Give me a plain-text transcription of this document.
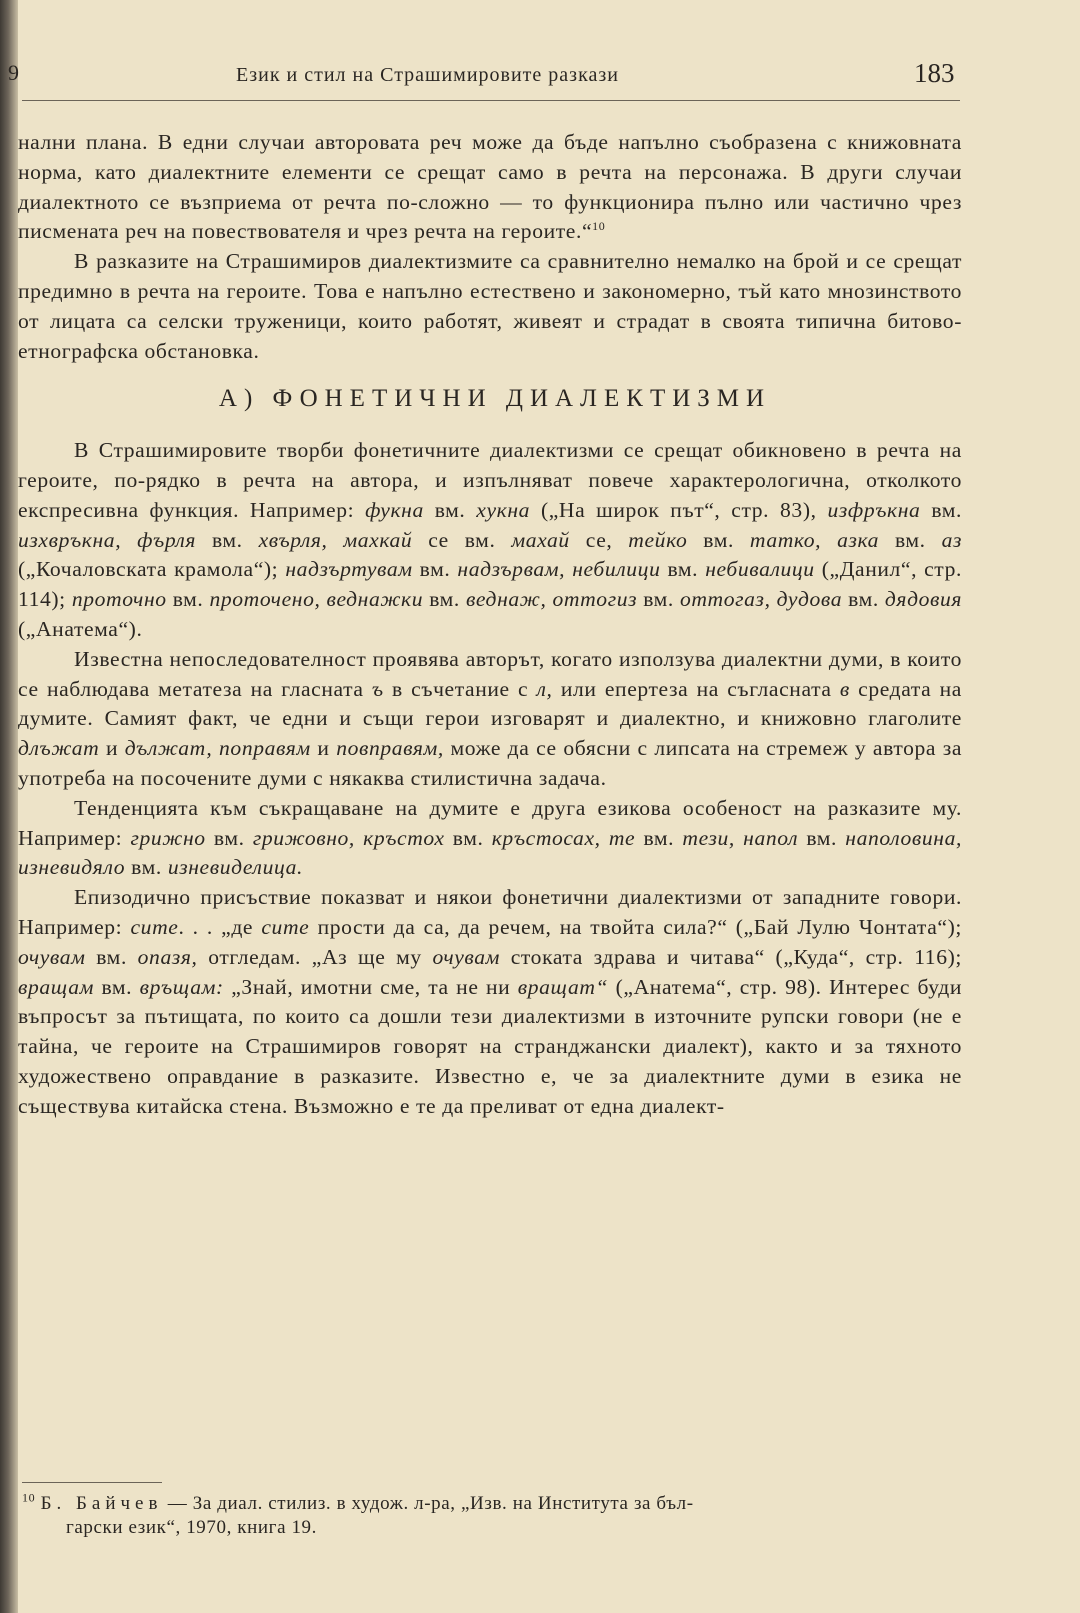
9	Език и стил на Страшимировите разкази	183

нални плана. В едни случаи авторовата реч може да бъде напълно съобразена с книжовната норма, като диалектните елементи се срещат само в речта на персонажа. В други случаи диалектното се възприема от речта по-сложно — то функционира пълно или частично чрез писмената реч на повествователя и чрез речта на героите.“$^{10}$

В разказите на Страшимиров диалектизмите са сравнително немалко на брой и се срещат предимно в речта на героите. Това е напълно естествено и закономерно, тъй като мнозинството от лицата са селски труженици, които работят, живеят и страдат в своята типична битово-етнографска обстановка.

А) ФОНЕТИЧНИ ДИАЛЕКТИЗМИ

В Страшимировите творби фонетичните диалектизми се срещат обикновено в речта на героите, по-рядко в речта на автора, и изпълняват повече характерологична, отколкото експресивна функция. Например: фукна вм. хукна („На широк път“, стр. 83), изфръкна вм. изхвръкна, фърля вм. хвърля, махкай се вм. махай се, тейко вм. татко, азка вм. аз („Кочаловската крамола“); надзъртувам вм. надзървам, небилици вм. небивалици („Данил“, стр. 114); проточно вм. проточено, веднажки вм. веднаж, оттогиз вм. оттогаз, дудова вм. дядовия („Анатема“).

Известна непоследователност проявява авторът, когато използува диалектни думи, в които се наблюдава метатеза на гласната ъ в съчетание с л, или епертеза на съгласната в средата на думите. Самият факт, че едни и същи герои изговарят и диалектно, и книжовно глаголите длъжат и дължат, поправям и повправям, може да се обясни с липсата на стремеж у автора за употреба на посочените думи с някаква стилистична задача.

Тенденцията към съкращаване на думите е друга езикова особеност на разказите му. Например: грижно вм. грижовно, кръстох вм. кръстосах, те вм. тези, напол вм. наполовина, изневидяло вм. изневиделица.

Епизодично присъствие показват и някои фонетични диалектизми от западните говори. Например: сите. . . „де сите прости да са, да речем, на твойта сила?“ („Бай Лулю Чонтата“); очувам вм. опазя, отгледам. „Аз ще му очувам стоката здрава и читава“ („Куда“, стр. 116); вращам вм. връщам: „Знай, имотни сме, та не ни вращат“ („Анатема“, стр. 98). Интерес буди въпросът за пътищата, по които са дошли тези диалектизми в източните рупски говори (не е тайна, че героите на Страшимиров говорят на странджански диалект), както и за тяхното художествено оправдание в разказите. Известно е, че за диалектните думи в езика не съществува китайска стена. Възможно е те да преливат от една диалект-

$^{10}$ Б. Байчев — За диал. стилиз. в худож. л-ра, „Изв. на Института за бъл-
гарски език“, 1970, книга 19.
